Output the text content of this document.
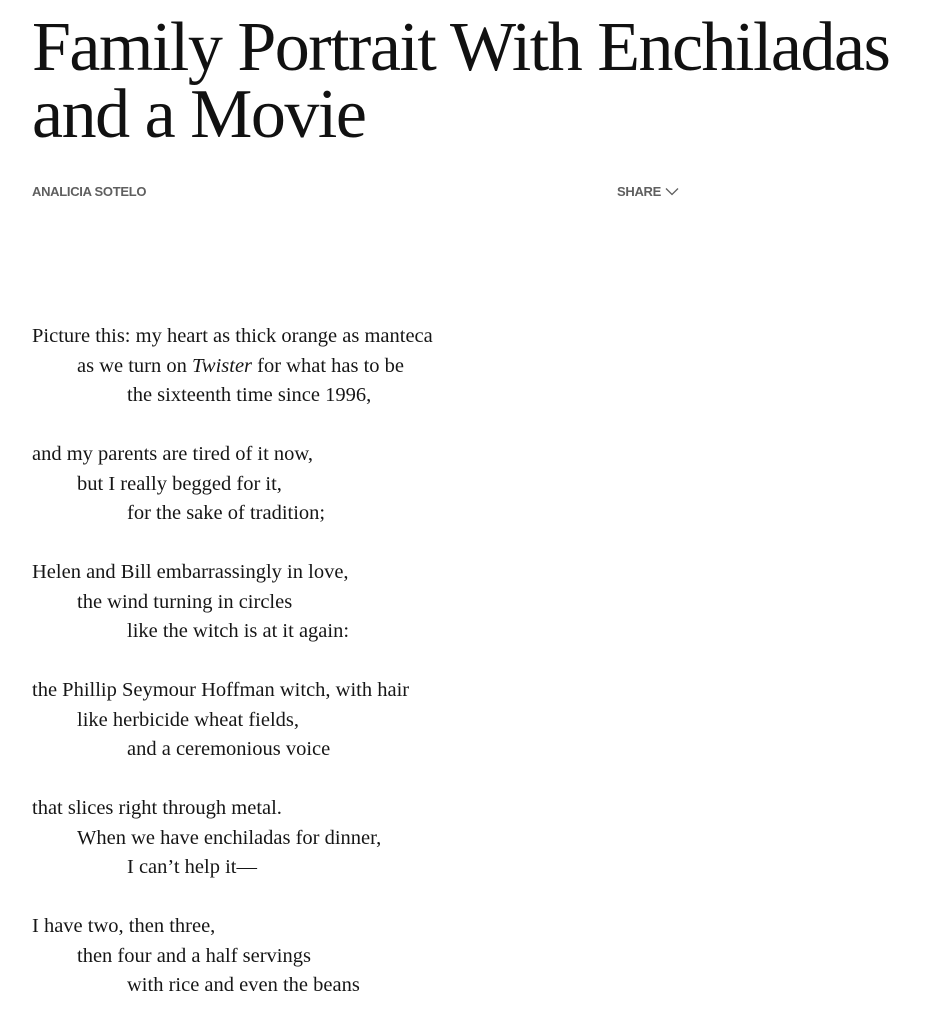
Family Portrait With Enchiladas and a Movie
ANALICIA SOTELO	SHARE
Picture this: my heart as thick orange as manteca
as we turn on Twister for what has to be
the sixteenth time since 1996,
and my parents are tired of it now,
but I really begged for it,
for the sake of tradition;
Helen and Bill embarrassingly in love,
the wind turning in circles
like the witch is at it again:
the Phillip Seymour Hoffman witch, with hair
like herbicide wheat fields,
and a ceremonious voice
that slices right through metal.
When we have enchiladas for dinner,
I can’t help it—
I have two, then three,
then four and a half servings
with rice and even the beans
